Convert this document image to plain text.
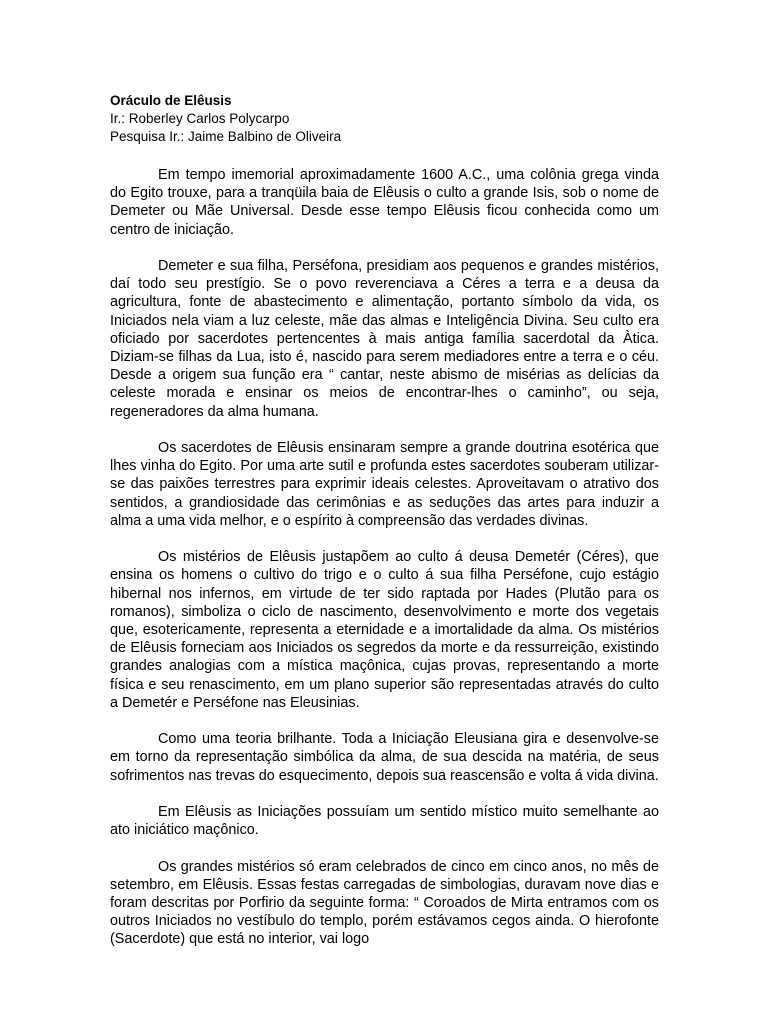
Oráculo de Elêusis

Ir.: Roberley Carlos Polycarpo

Pesquisa Ir.: Jaime Balbino de Oliveira

Em tempo imemorial aproximadamente 1600 A.C., uma colônia grega vinda do Egito trouxe, para a tranqüila baia de Elêusis o culto a grande Isis, sob o nome de Demeter ou Mãe Universal. Desde esse tempo Elêusis ficou conhecida como um centro de iniciação.

Demeter e sua filha, Perséfona, presidiam aos pequenos e grandes mistérios, daí todo seu prestígio. Se o povo reverenciava a Céres a terra e a deusa da agricultura, fonte de abastecimento e alimentação, portanto símbolo da vida, os Iniciados nela viam a luz celeste, mãe das almas e Inteligência Divina. Seu culto era oficiado por sacerdotes pertencentes à mais antiga família sacerdotal da Àtica. Diziam-se filhas da Lua, isto é, nascido para serem mediadores entre a terra e o céu. Desde a origem sua função era “ cantar, neste abismo de misérias as delícias da celeste morada e ensinar os meios de encontrar-lhes o caminho”, ou seja, regeneradores da alma humana.

Os sacerdotes de Elêusis ensinaram sempre a grande doutrina esotérica que lhes vinha do Egito. Por uma arte sutil e profunda estes sacerdotes souberam utilizar-se das paixões terrestres para exprimir ideais celestes. Aproveitavam o atrativo dos sentidos, a grandiosidade das cerimônias e as seduções das artes para induzir a alma a uma vida melhor, e o espírito à compreensão das verdades divinas.

Os mistérios de Elêusis justapõem ao culto á deusa Demetér (Céres), que ensina os homens o cultivo do trigo e o culto á sua filha Perséfone, cujo estágio hibernal nos infernos, em virtude de ter sido raptada por Hades (Plutão para os romanos), simboliza o ciclo de nascimento, desenvolvimento e morte dos vegetais que, esotericamente, representa a eternidade e a imortalidade da alma. Os mistérios de Elêusis forneciam aos Iniciados os segredos da morte e da ressurreição, existindo grandes analogias com a mística maçônica, cujas provas, representando a morte física e seu renascimento, em um plano superior são representadas através do culto a Demetér e Perséfone nas Eleusinias.

Como uma teoria brilhante. Toda a Iniciação Eleusiana gira e desenvolve-se em torno da representação simbólica da alma, de sua descida na matéria, de seus sofrimentos nas trevas do esquecimento, depois sua reascensão e volta á vida divina.

Em Elêusis as Iniciações possuíam um sentido místico muito semelhante ao ato iniciático maçônico.

Os grandes mistérios só eram celebrados de cinco em cinco anos, no mês de setembro, em Elêusis. Essas festas carregadas de simbologias, duravam nove dias e foram descritas por Porfirio da seguinte forma: “ Coroados de Mirta entramos com os outros Iniciados no vestíbulo do templo, porém estávamos cegos ainda. O hierofonte (Sacerdote) que está no interior, vai logo
